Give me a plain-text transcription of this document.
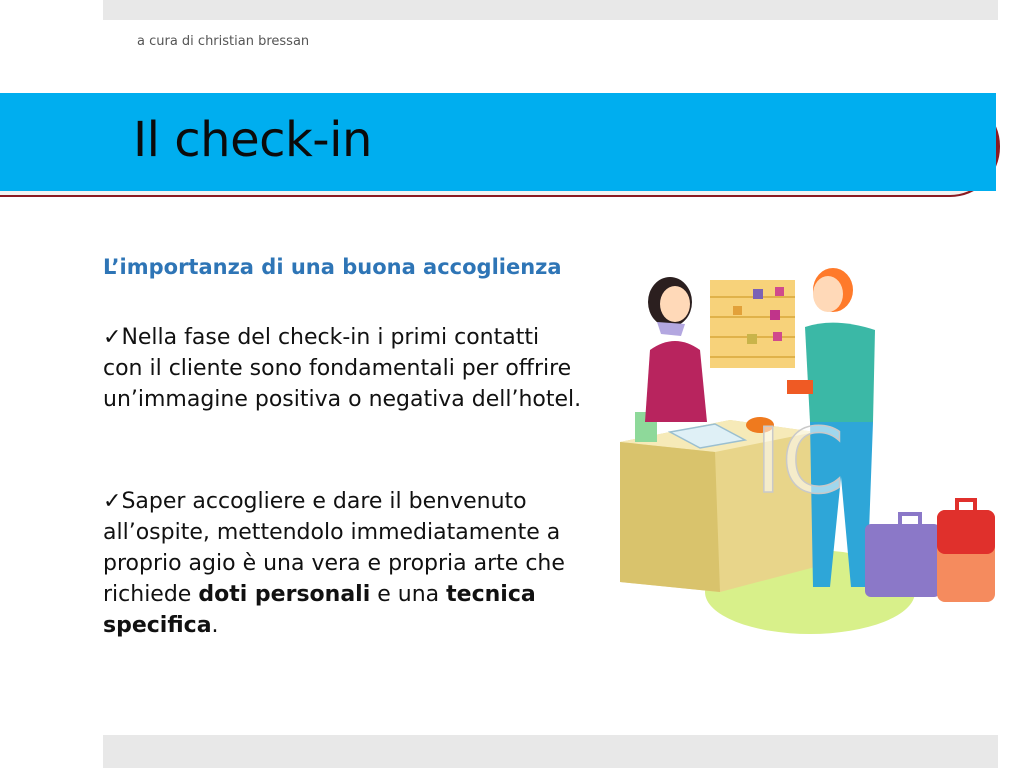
a cura di christian bressan
Il check-in
L’importanza di una buona accoglienza
✓Nella fase del check-in i primi contatti con il cliente sono fondamentali per offrire un’immagine positiva o negativa dell’hotel.
✓Saper accogliere e dare il benvenuto all’ospite, mettendolo immediatamente a proprio agio è una vera e propria arte che richiede doti personali e una tecnica specifica.
IC
